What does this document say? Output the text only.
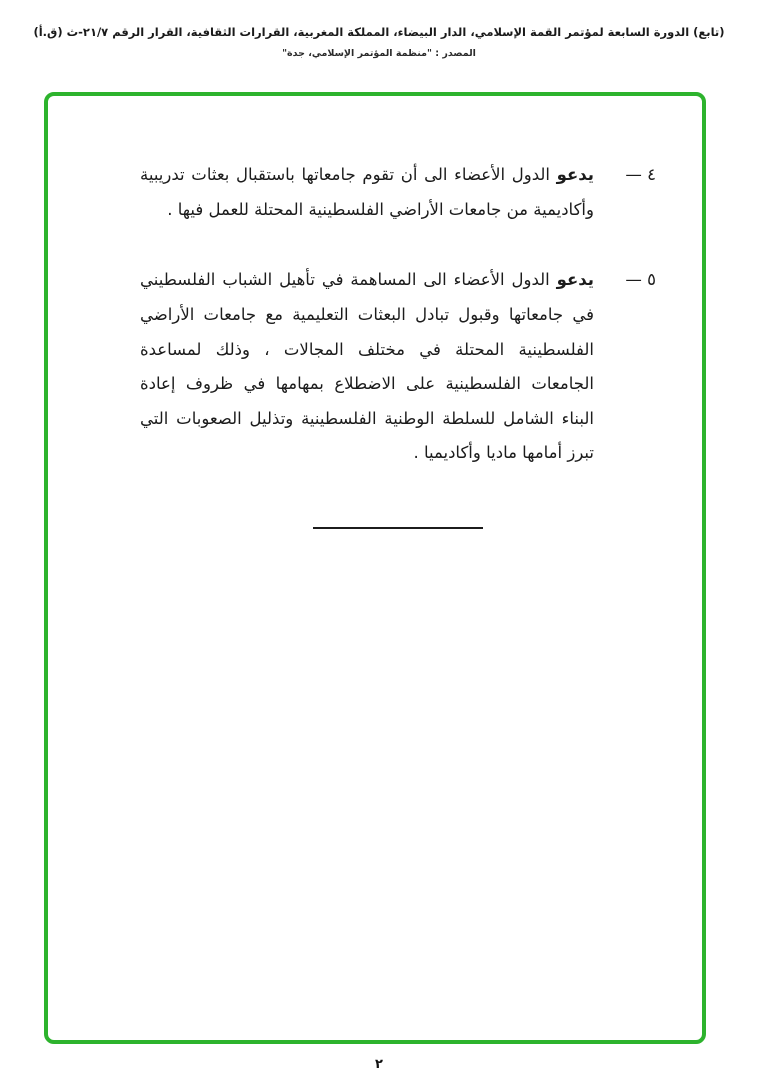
(تابع) الدورة السابعة لمؤتمر القمة الإسلامي، الدار البيضاء، المملكة المغربية، القرارات الثقافية، القرار الرقم ٢١/٧-ث (ق.أ)
المصدر : "منظمة المؤتمر الإسلامي، جدة"
٤ —
يدعو الدول الأعضاء الى أن تقوم جامعاتها باستقبال بعثات تدريبية وأكاديمية من جامعات الأراضي الفلسطينية المحتلة للعمل فيها .
٥ —
يدعو الدول الأعضاء الى المساهمة في تأهيل الشباب الفلسطيني في جامعاتها وقبول تبادل البعثات التعليمية مع جامعات الأراضي الفلسطينية المحتلة في مختلف المجالات ، وذلك لمساعدة الجامعات الفلسطينية على الاضطلاع بمهامها في ظروف إعادة البناء الشامل للسلطة الوطنية الفلسطينية وتذليل الصعوبات التي تبرز أمامها ماديا وأكاديميا .
٢
